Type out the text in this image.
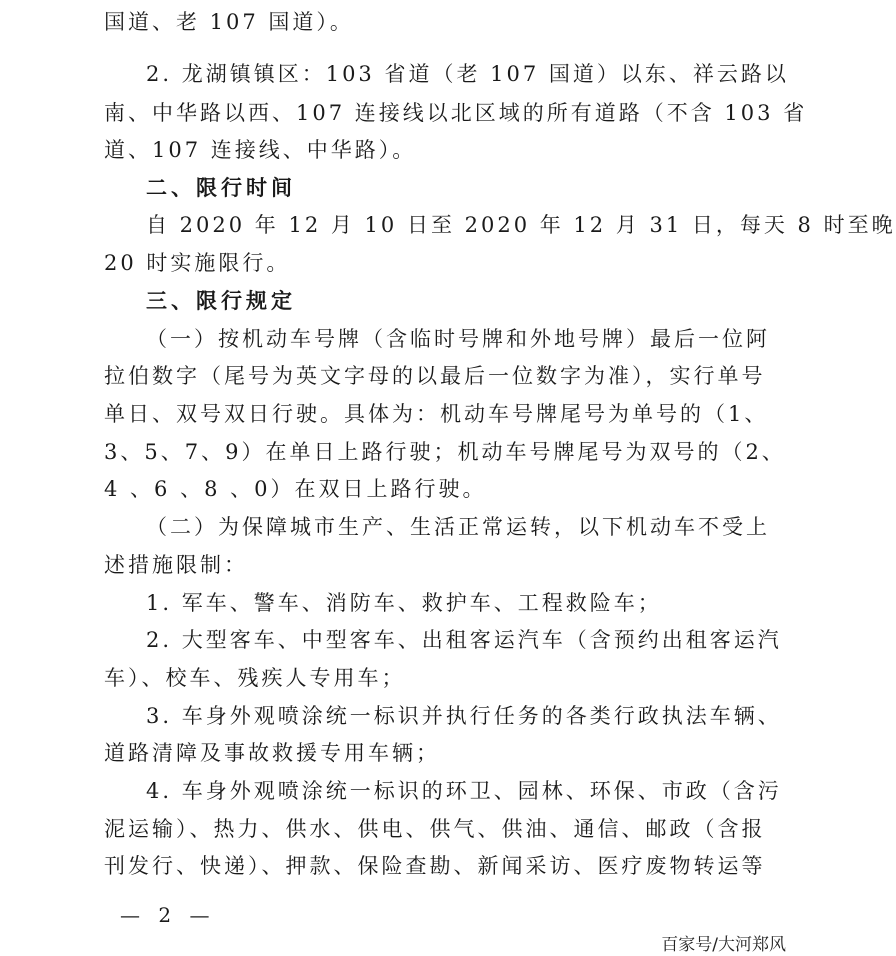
国道、老 107 国道）。
2. 龙湖镇镇区：103 省道（老 107 国道）以东、祥云路以
南、中华路以西、107 连接线以北区域的所有道路（不含 103 省
道、107 连接线、中华路）。
二、限行时间
自 2020 年 12 月 10 日至 2020 年 12 月 31 日，每天 8 时至晚
20 时实施限行。
三、限行规定
（一）按机动车号牌（含临时号牌和外地号牌）最后一位阿
拉伯数字（尾号为英文字母的以最后一位数字为准），实行单号
单日、双号双日行驶。具体为：机动车号牌尾号为单号的（1、
3、5、7、9）在单日上路行驶；机动车号牌尾号为双号的（2、
4 、6 、8 、0）在双日上路行驶。
（二）为保障城市生产、生活正常运转，以下机动车不受上
述措施限制：
1. 军车、警车、消防车、救护车、工程救险车；
2. 大型客车、中型客车、出租客运汽车（含预约出租客运汽
车）、校车、残疾人专用车；
3. 车身外观喷涂统一标识并执行任务的各类行政执法车辆、
道路清障及事故救援专用车辆；
4. 车身外观喷涂统一标识的环卫、园林、环保、市政（含污
泥运输）、热力、供水、供电、供气、供油、通信、邮政（含报
刊发行、快递）、押款、保险查勘、新闻采访、医疗废物转运等
— 2 —
百家号/大河郑风
